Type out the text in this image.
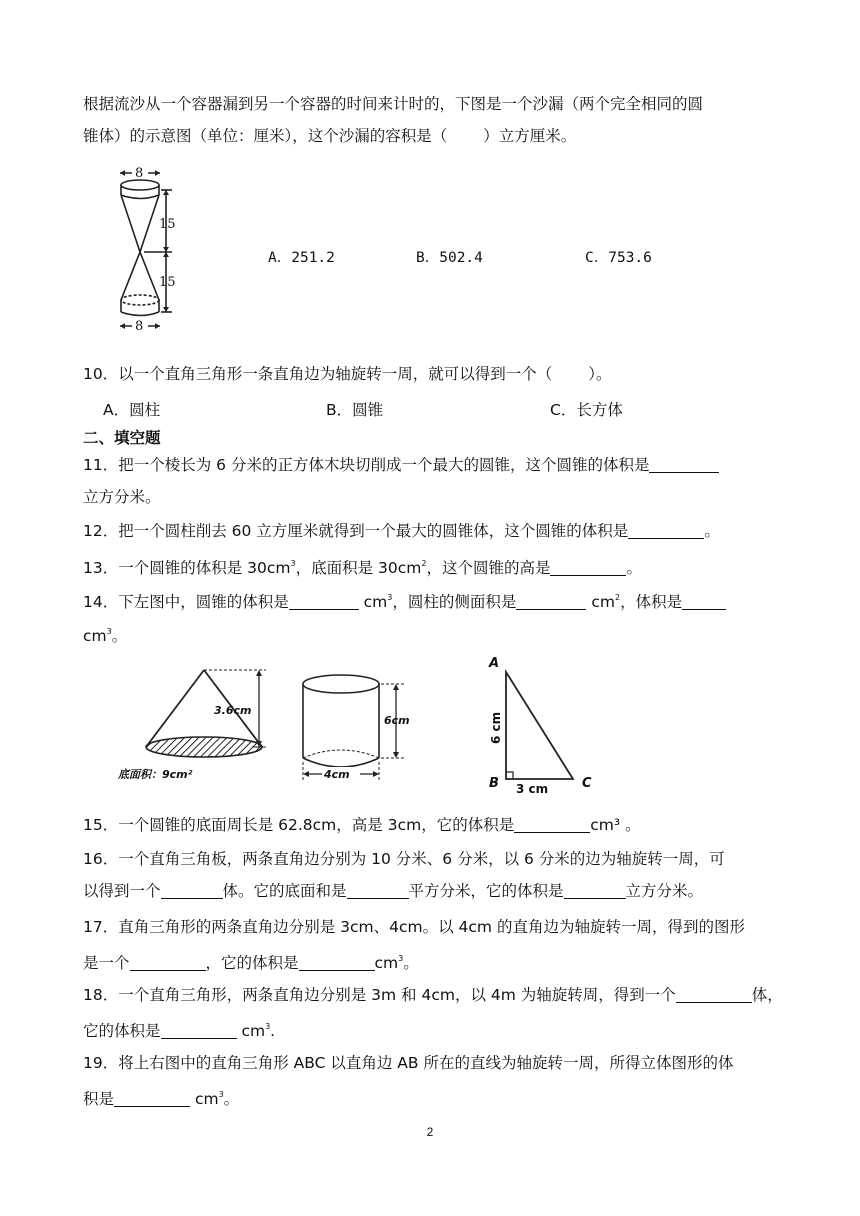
根据流沙从一个容器漏到另一个容器的时间来计时的，下图是一个沙漏（两个完全相同的圆
锥体）的示意图（单位：厘米），这个沙漏的容积是（ ）立方厘米。
8
8
15
15
A．251.2	B．502.4	C．753.6
10．以一个直角三角形一条直角边为轴旋转一周，就可以得到一个（ ）。
A．圆柱	B．圆锥	C．长方体
二、填空题
11．把一个棱长为 6 分米的正方体木块切削成一个最大的圆锥，这个圆锥的体积是
立方分米。
12．把一个圆柱削去 60 立方厘米就得到一个最大的圆锥体，这个圆锥的体积是	。
13．一个圆锥的体积是 $30cm^3$，底面积是 $30cm^2$，这个圆锥的高是	。
14．下左图中，圆锥的体积是	$cm^3$，圆柱的侧面积是	$cm^2$，体积是
$cm^3$。
3.6cm
底面积：9cm²	4cm
6cm
A
B	C
3 cm
6 cm
15．一个圆锥的底面周长是 62.8cm，高是 3cm，它的体积是	cm³ 。
16．一个直角三角板，两条直角边分别为 10 分米、6 分米，以 6 分米的边为轴旋转一周，可
以得到一个	体。它的底面和是	平方分米，它的体积是	立方分米。
17．直角三角形的两条直角边分别是 3cm、4cm。以 4cm 的直角边为轴旋转一周，得到的图形
是一个	，它的体积是	$cm^3$。
18．一个直角三角形，两条直角边分别是 3m 和 4cm，以 4m 为轴旋转周，得到一个	体，
它的体积是	$cm^3$.
19．将上右图中的直角三角形 ABC 以直角边 AB 所在的直线为轴旋转一周，所得立体图形的体
积是	$cm^3$。
2
